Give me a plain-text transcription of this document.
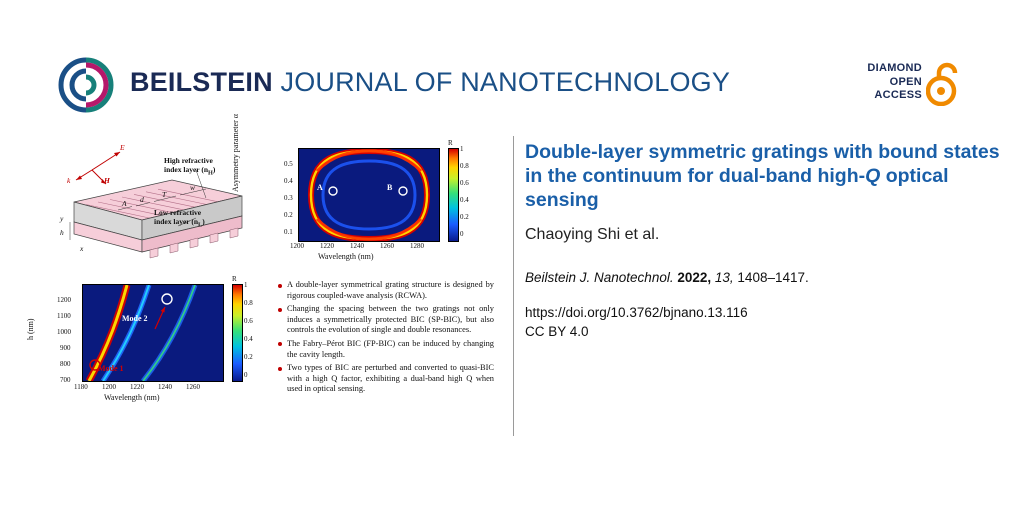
BEILSTEIN JOURNAL OF NANOTECHNOLOGY	DIAMOND
OPEN
ACCESS
Double-layer symmetric gratings with bound states in the continuum for dual-band high-Q optical sensing
Chaoying Shi et al.
Beilstein J. Nanotechnol. 2022, 13, 1408–1417.
https://doi.org/10.3762/bjnano.13.116
CC BY 4.0
High refractive
index layer $(n_H)$
Low refractive
index layer $(n_L)$
E
H
k
x
y
h
A d
T
w	A	B
0.1
0.2
0.3
0.4
0.5
1200 1220 1240 1260 1280
Wavelength (nm)
Asymmetry parameter α	R
1
0.8
0.6
0.4
0.2
0
Mode 2
Mode 1
700
800
900
1000
1100
1200
1180 1200 1220 1240 1260
Wavelength (nm)
h (nm)
R
1
0.8
0.6
0.4
0.2
0
A double-layer symmetrical grating structure is designed by rigorous coupled-wave analysis (RCWA).
Changing the spacing between the two gratings not only induces a symmetrically protected BIC (SP-BIC), but also controls the evolution of single and double resonances.
The Fabry–Pérot BIC (FP-BIC) can be induced by changing the cavity length.
Two types of BIC are perturbed and converted to quasi-BIC with a high Q factor, exhibiting a dual-band high Q when used in optical sensing.
